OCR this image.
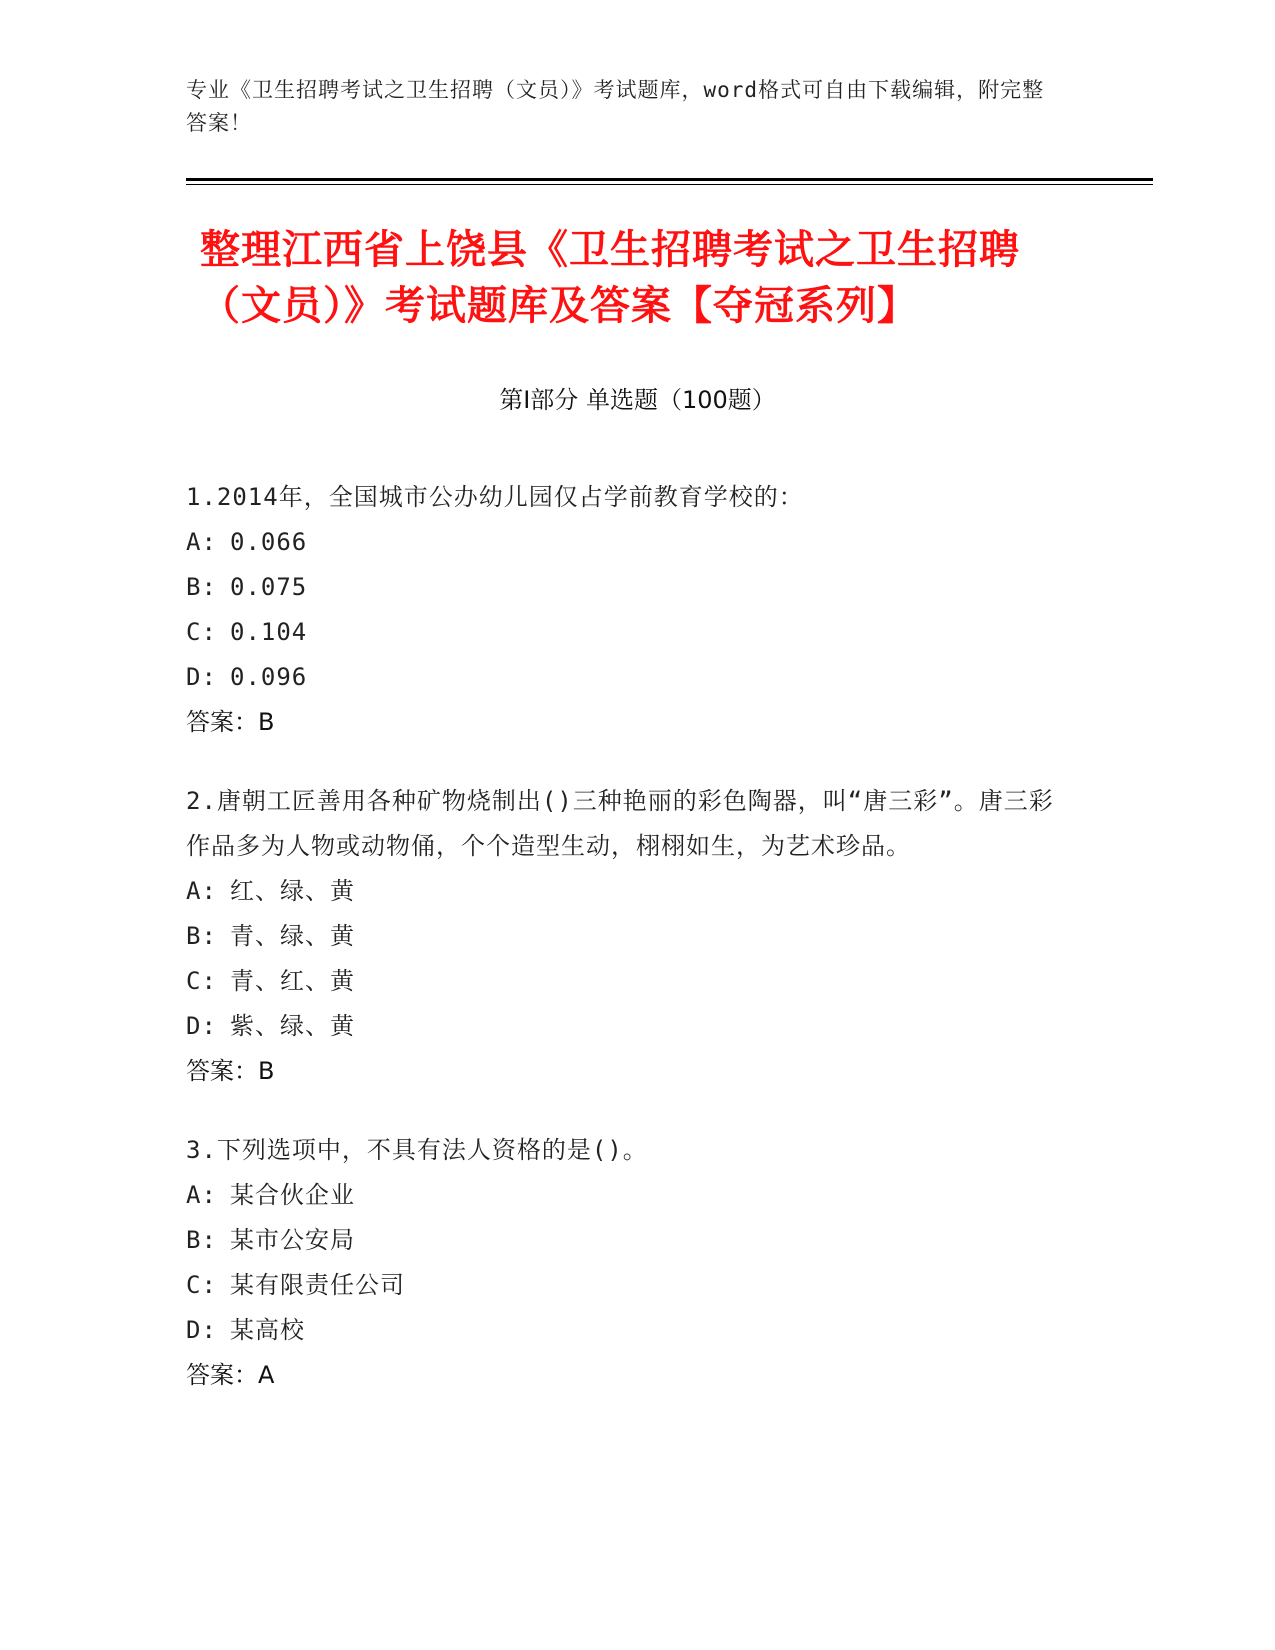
专业《卫生招聘考试之卫生招聘（文员）》考试题库，word格式可自由下载编辑，附完整答案！
整理江西省上饶县《卫生招聘考试之卫生招聘（文员）》考试题库及答案【夺冠系列】
第Ⅰ部分 单选题（100题）
1.2014年，全国城市公办幼儿园仅占学前教育学校的：
A: 0.066
B: 0.075
C: 0.104
D: 0.096
答案：B
2.唐朝工匠善用各种矿物烧制出()三种艳丽的彩色陶器，叫“唐三彩”。唐三彩作品多为人物或动物俑，个个造型生动，栩栩如生，为艺术珍品。
A: 红、绿、黄
B: 青、绿、黄
C: 青、红、黄
D: 紫、绿、黄
答案：B
3.下列选项中，不具有法人资格的是()。
A: 某合伙企业
B: 某市公安局
C: 某有限责任公司
D: 某高校
答案：A
